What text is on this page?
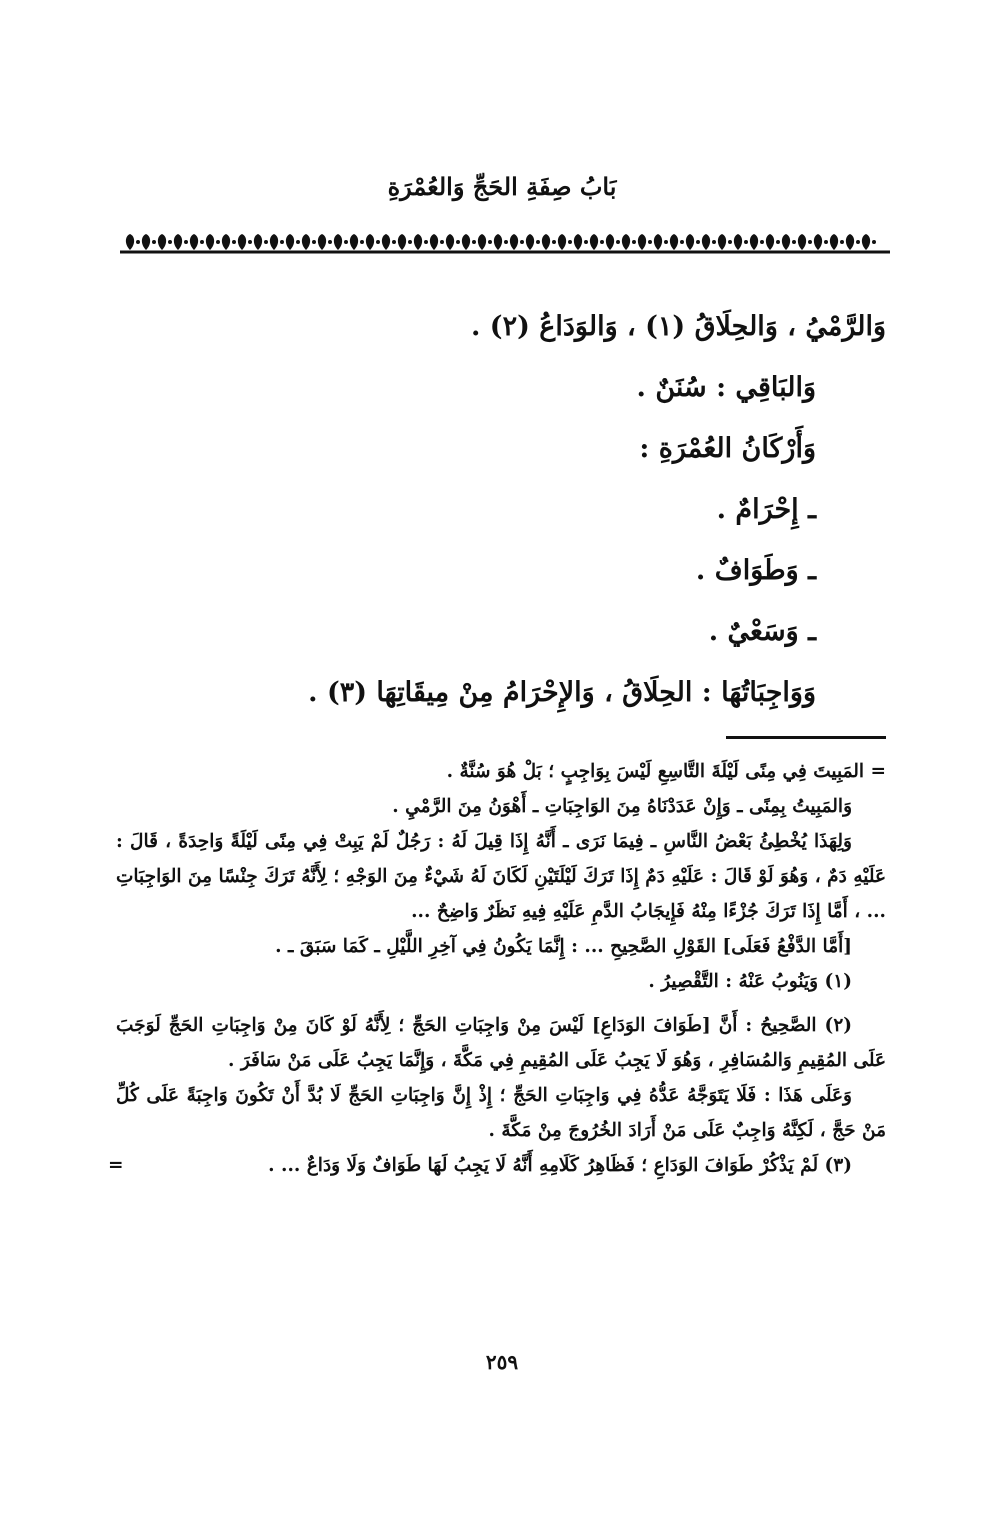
بَابُ صِفَةِ الحَجِّ وَالعُمْرَةِ
وَالرَّمْيُ ، وَالحِلَاقُ (١) ، وَالوَدَاعُ (٢) .
وَالبَاقِي : سُنَنٌ .
وَأَرْكَانُ العُمْرَةِ :
ـ إِحْرَامٌ .
ـ وَطَوَافٌ .
ـ وَسَعْيٌ .
وَوَاجِبَاتُهَا : الحِلَاقُ ، وَالإِحْرَامُ مِنْ مِيقَاتِهَا (٣) .

= المَبِيتَ فِي مِنًى لَيْلَةَ التَّاسِعِ لَيْسَ بِوَاجِبٍ ؛ بَلْ هُوَ سُنَّةٌ .

وَالمَبِيتُ بِمِنًى ـ وَإِنْ عَدَدْنَاهُ مِنَ الوَاجِبَاتِ ـ أَهْوَنُ مِنَ الرَّمْيِ .

وَلِهَذَا يُخْطِئُ بَعْضُ النَّاسِ ـ فِيمَا نَرَى ـ أَنَّهُ إِذَا قِيلَ لَهُ : رَجُلٌ لَمْ يَبِتْ فِي مِنًى لَيْلَةً وَاحِدَةً ، قَالَ : عَلَيْهِ دَمٌ ، وَهُوَ لَوْ قَالَ : عَلَيْهِ دَمٌ إِذَا تَرَكَ لَيْلَتَيْنِ لَكَانَ لَهُ شَيْءٌ مِنَ الوَجْهِ ؛ لِأَنَّهُ تَرَكَ جِنْسًا مِنَ الوَاجِبَاتِ ... ، أَمَّا إِذَا تَرَكَ جُزْءًا مِنْهُ فَإِيجَابُ الدَّمِ عَلَيْهِ فِيهِ نَظَرٌ وَاضِحٌ ...

[أَمَّا الدَّفْعُ فَعَلَى] القَوْلِ الصَّحِيحِ ... : إِنَّمَا يَكُونُ فِي آخِرِ اللَّيْلِ ـ كَمَا سَبَقَ ـ .

(١) وَيَنُوبُ عَنْهُ : التَّقْصِيرُ .

(٢) الصَّحِيحُ : أَنَّ [طَوَافَ الوَدَاعِ] لَيْسَ مِنْ وَاجِبَاتِ الحَجِّ ؛ لِأَنَّهُ لَوْ كَانَ مِنْ وَاجِبَاتِ الحَجِّ لَوَجَبَ عَلَى المُقِيمِ وَالمُسَافِرِ ، وَهُوَ لَا يَجِبُ عَلَى المُقِيمِ فِي مَكَّةَ ، وَإِنَّمَا يَجِبُ عَلَى مَنْ سَافَرَ .

وَعَلَى هَذَا : فَلَا يَتَوَجَّهُ عَدُّهُ فِي وَاجِبَاتِ الحَجِّ ؛ إِذْ إِنَّ وَاجِبَاتِ الحَجِّ لَا بُدَّ أَنْ تَكُونَ وَاجِبَةً عَلَى كُلِّ مَنْ حَجَّ ، لَكِنَّهُ وَاجِبٌ عَلَى مَنْ أَرَادَ الخُرُوجَ مِنْ مَكَّةَ .

(٣) لَمْ يَذْكُرْ طَوَافَ الوَدَاعِ ؛ فَظَاهِرُ كَلَامِهِ أَنَّهُ لَا يَجِبُ لَهَا طَوَافٌ وَلَا وَدَاعٌ ... .
=

٢٥٩
